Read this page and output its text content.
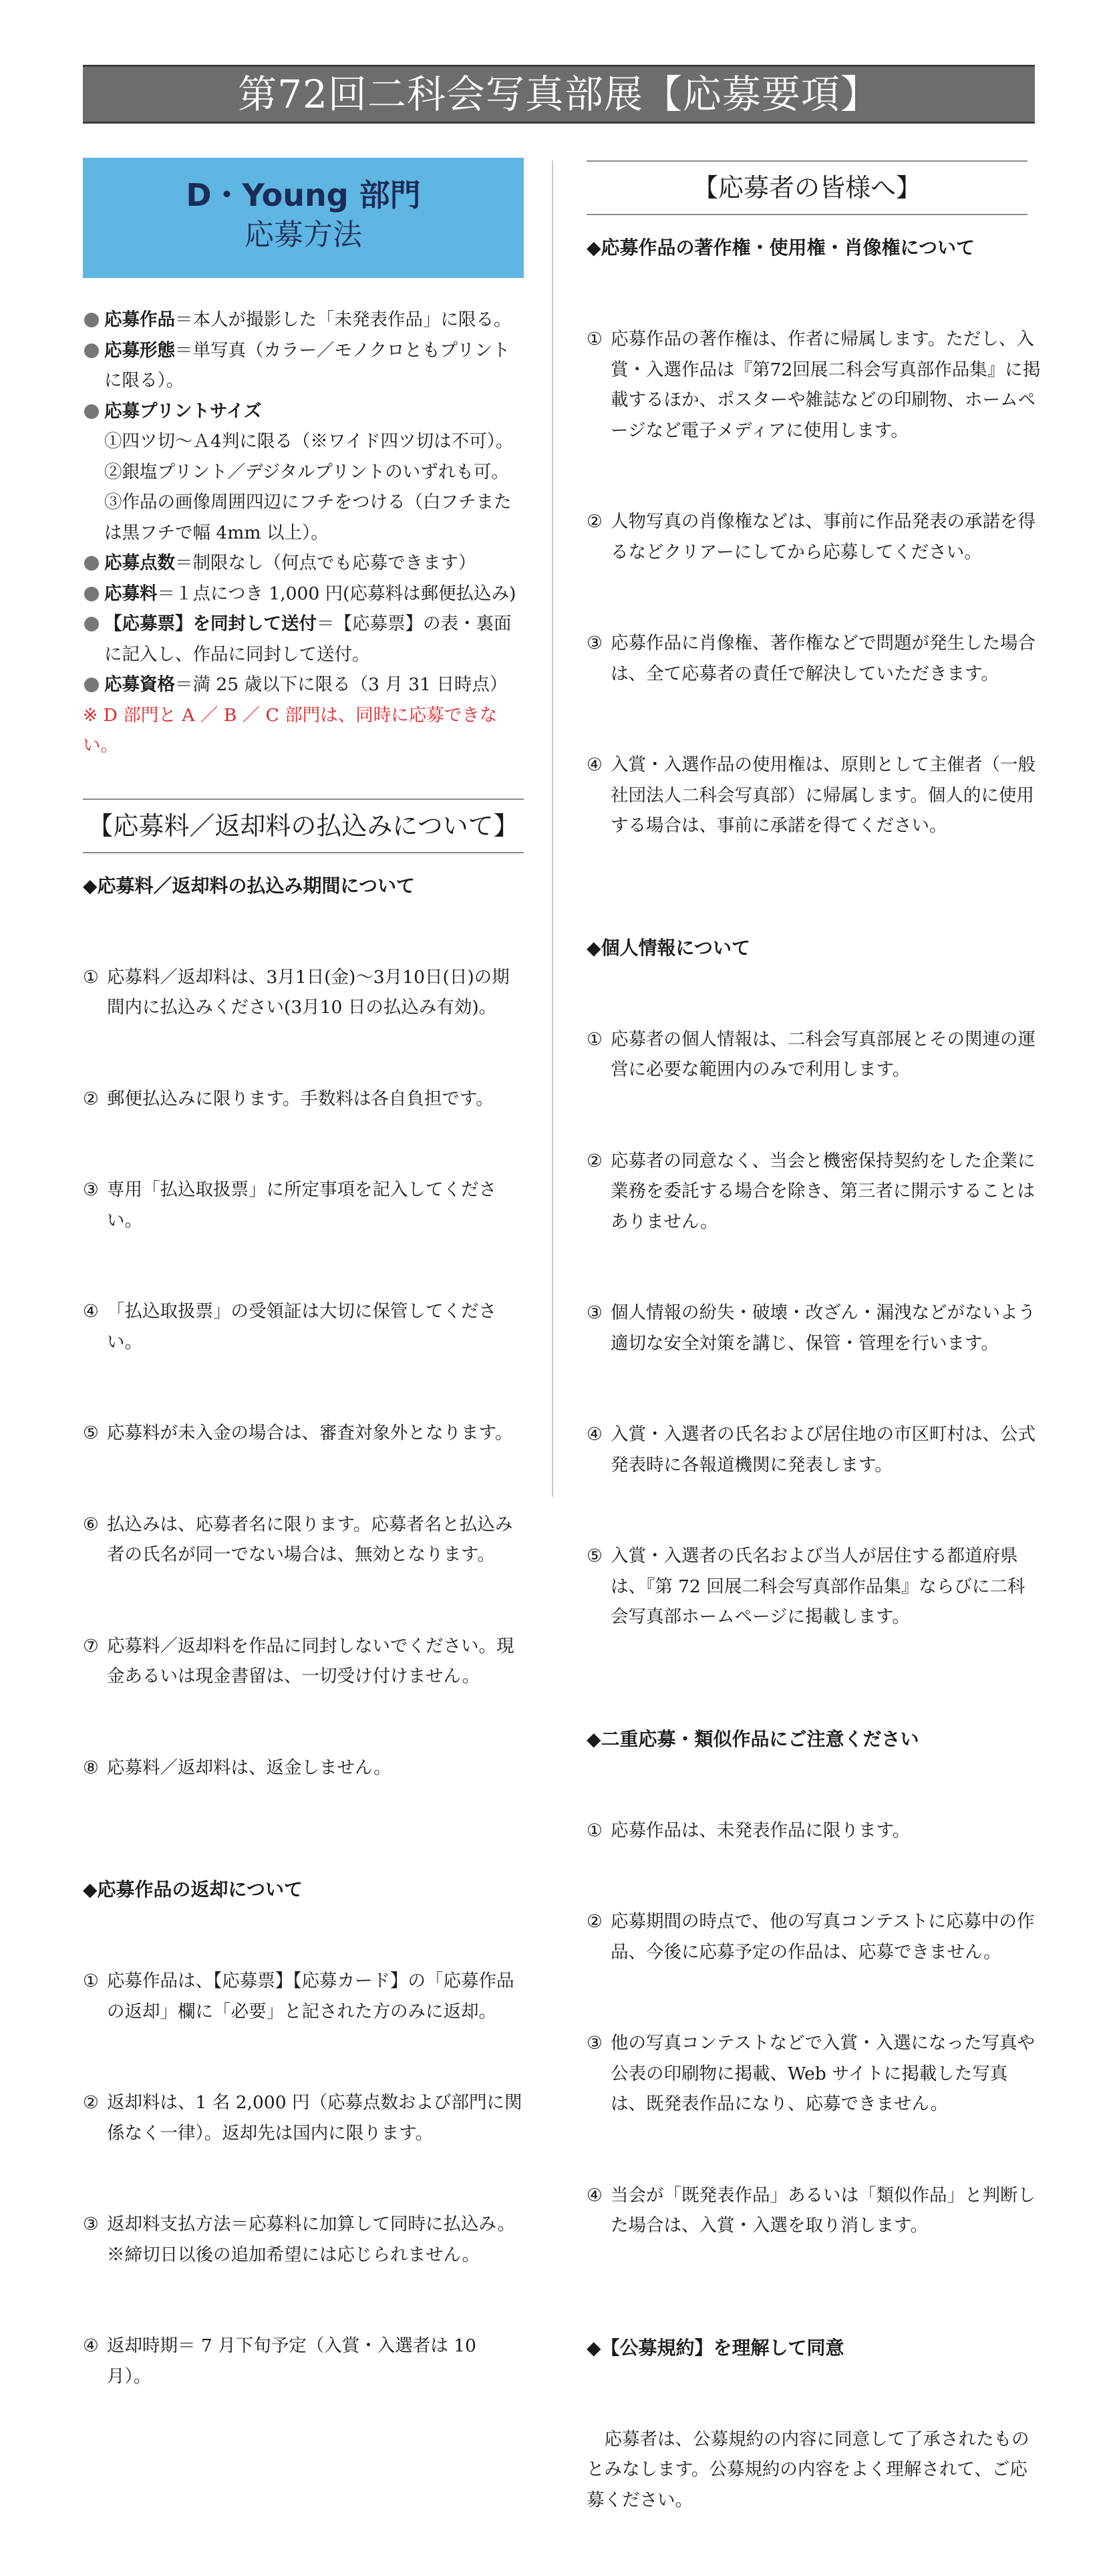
第72回二科会写真部展【応募要項】
D・Young 部門
応募方法
応募作品＝本人が撮影した「未発表作品」に限る。
応募形態＝単写真（カラー／モノクロともプリントに限る）。
応募プリントサイズ
①四ツ切〜Ａ4判に限る（※ワイド四ツ切は不可）。
②銀塩プリント／デジタルプリントのいずれも可。
③作品の画像周囲四辺にフチをつける（白フチまたは黒フチで幅 4mm 以上）。
応募点数＝制限なし（何点でも応募できます）
応募料＝１点につき 1,000 円(応募料は郵便払込み)
【応募票】を同封して送付＝【応募票】の表・裏面に記入し、作品に同封して送付。
応募資格＝満 25 歳以下に限る（3 月 31 日時点）
※ D 部門と A ／ B ／ C 部門は、同時に応募できない。
【応募料／返却料の払込みについて】
◆応募料／返却料の払込み期間について

① 応募料／返却料は、3月1日(金)〜3月10日(日)の期間内に払込みください(3月10 日の払込み有効)。

② 郵便払込みに限ります。手数料は各自負担です。

③ 専用「払込取扱票」に所定事項を記入してください。

④ 「払込取扱票」の受領証は大切に保管してください。

⑤ 応募料が未入金の場合は、審査対象外となります。

⑥ 払込みは、応募者名に限ります。応募者名と払込み者の氏名が同一でない場合は、無効となります。

⑦ 応募料／返却料を作品に同封しないでください。現金あるいは現金書留は、一切受け付けません。

⑧ 応募料／返却料は、返金しません。

◆応募作品の返却について

① 応募作品は、【応募票】【応募カード】の「応募作品の返却」欄に「必要」と記された方のみに返却。

② 返却料は、1 名 2,000 円（応募点数および部門に関係なく一律）。返却先は国内に限ります。

③ 返却料支払方法＝応募料に加算して同時に払込み。※締切日以後の追加希望には応じられません。

④ 返却時期＝ 7 月下旬予定（入賞・入選者は 10 月）。

【応募者の皆様へ】
◆応募作品の著作権・使用権・肖像権について

① 応募作品の著作権は、作者に帰属します。ただし、入賞・入選作品は『第72回展二科会写真部作品集』に掲載するほか、ポスターや雑誌などの印刷物、ホームページなど電子メディアに使用します。

② 人物写真の肖像権などは、事前に作品発表の承諾を得るなどクリアーにしてから応募してください。

③ 応募作品に肖像権、著作権などで問題が発生した場合は、全て応募者の責任で解決していただきます。

④ 入賞・入選作品の使用権は、原則として主催者（一般社団法人二科会写真部）に帰属します。個人的に使用する場合は、事前に承諾を得てください。

◆個人情報について

① 応募者の個人情報は、二科会写真部展とその関連の運営に必要な範囲内のみで利用します。

② 応募者の同意なく、当会と機密保持契約をした企業に業務を委託する場合を除き、第三者に開示することはありません。

③ 個人情報の紛失・破壊・改ざん・漏洩などがないよう適切な安全対策を講じ、保管・管理を行います。

④ 入賞・入選者の氏名および居住地の市区町村は、公式発表時に各報道機関に発表します。

⑤ 入賞・入選者の氏名および当人が居住する都道府県は、『第 72 回展二科会写真部作品集』ならびに二科会写真部ホームページに掲載します。

◆二重応募・類似作品にご注意ください

① 応募作品は、未発表作品に限ります。

② 応募期間の時点で、他の写真コンテストに応募中の作品、今後に応募予定の作品は、応募できません。

③ 他の写真コンテストなどで入賞・入選になった写真や公表の印刷物に掲載、Web サイトに掲載した写真は、既発表作品になり、応募できません。

④ 当会が「既発表作品」あるいは「類似作品」と判断した場合は、入賞・入選を取り消します。

◆【公募規約】を理解して同意

　応募者は、公募規約の内容に同意して了承されたものとみなします。公募規約の内容をよく理解されて、ご応募ください。
